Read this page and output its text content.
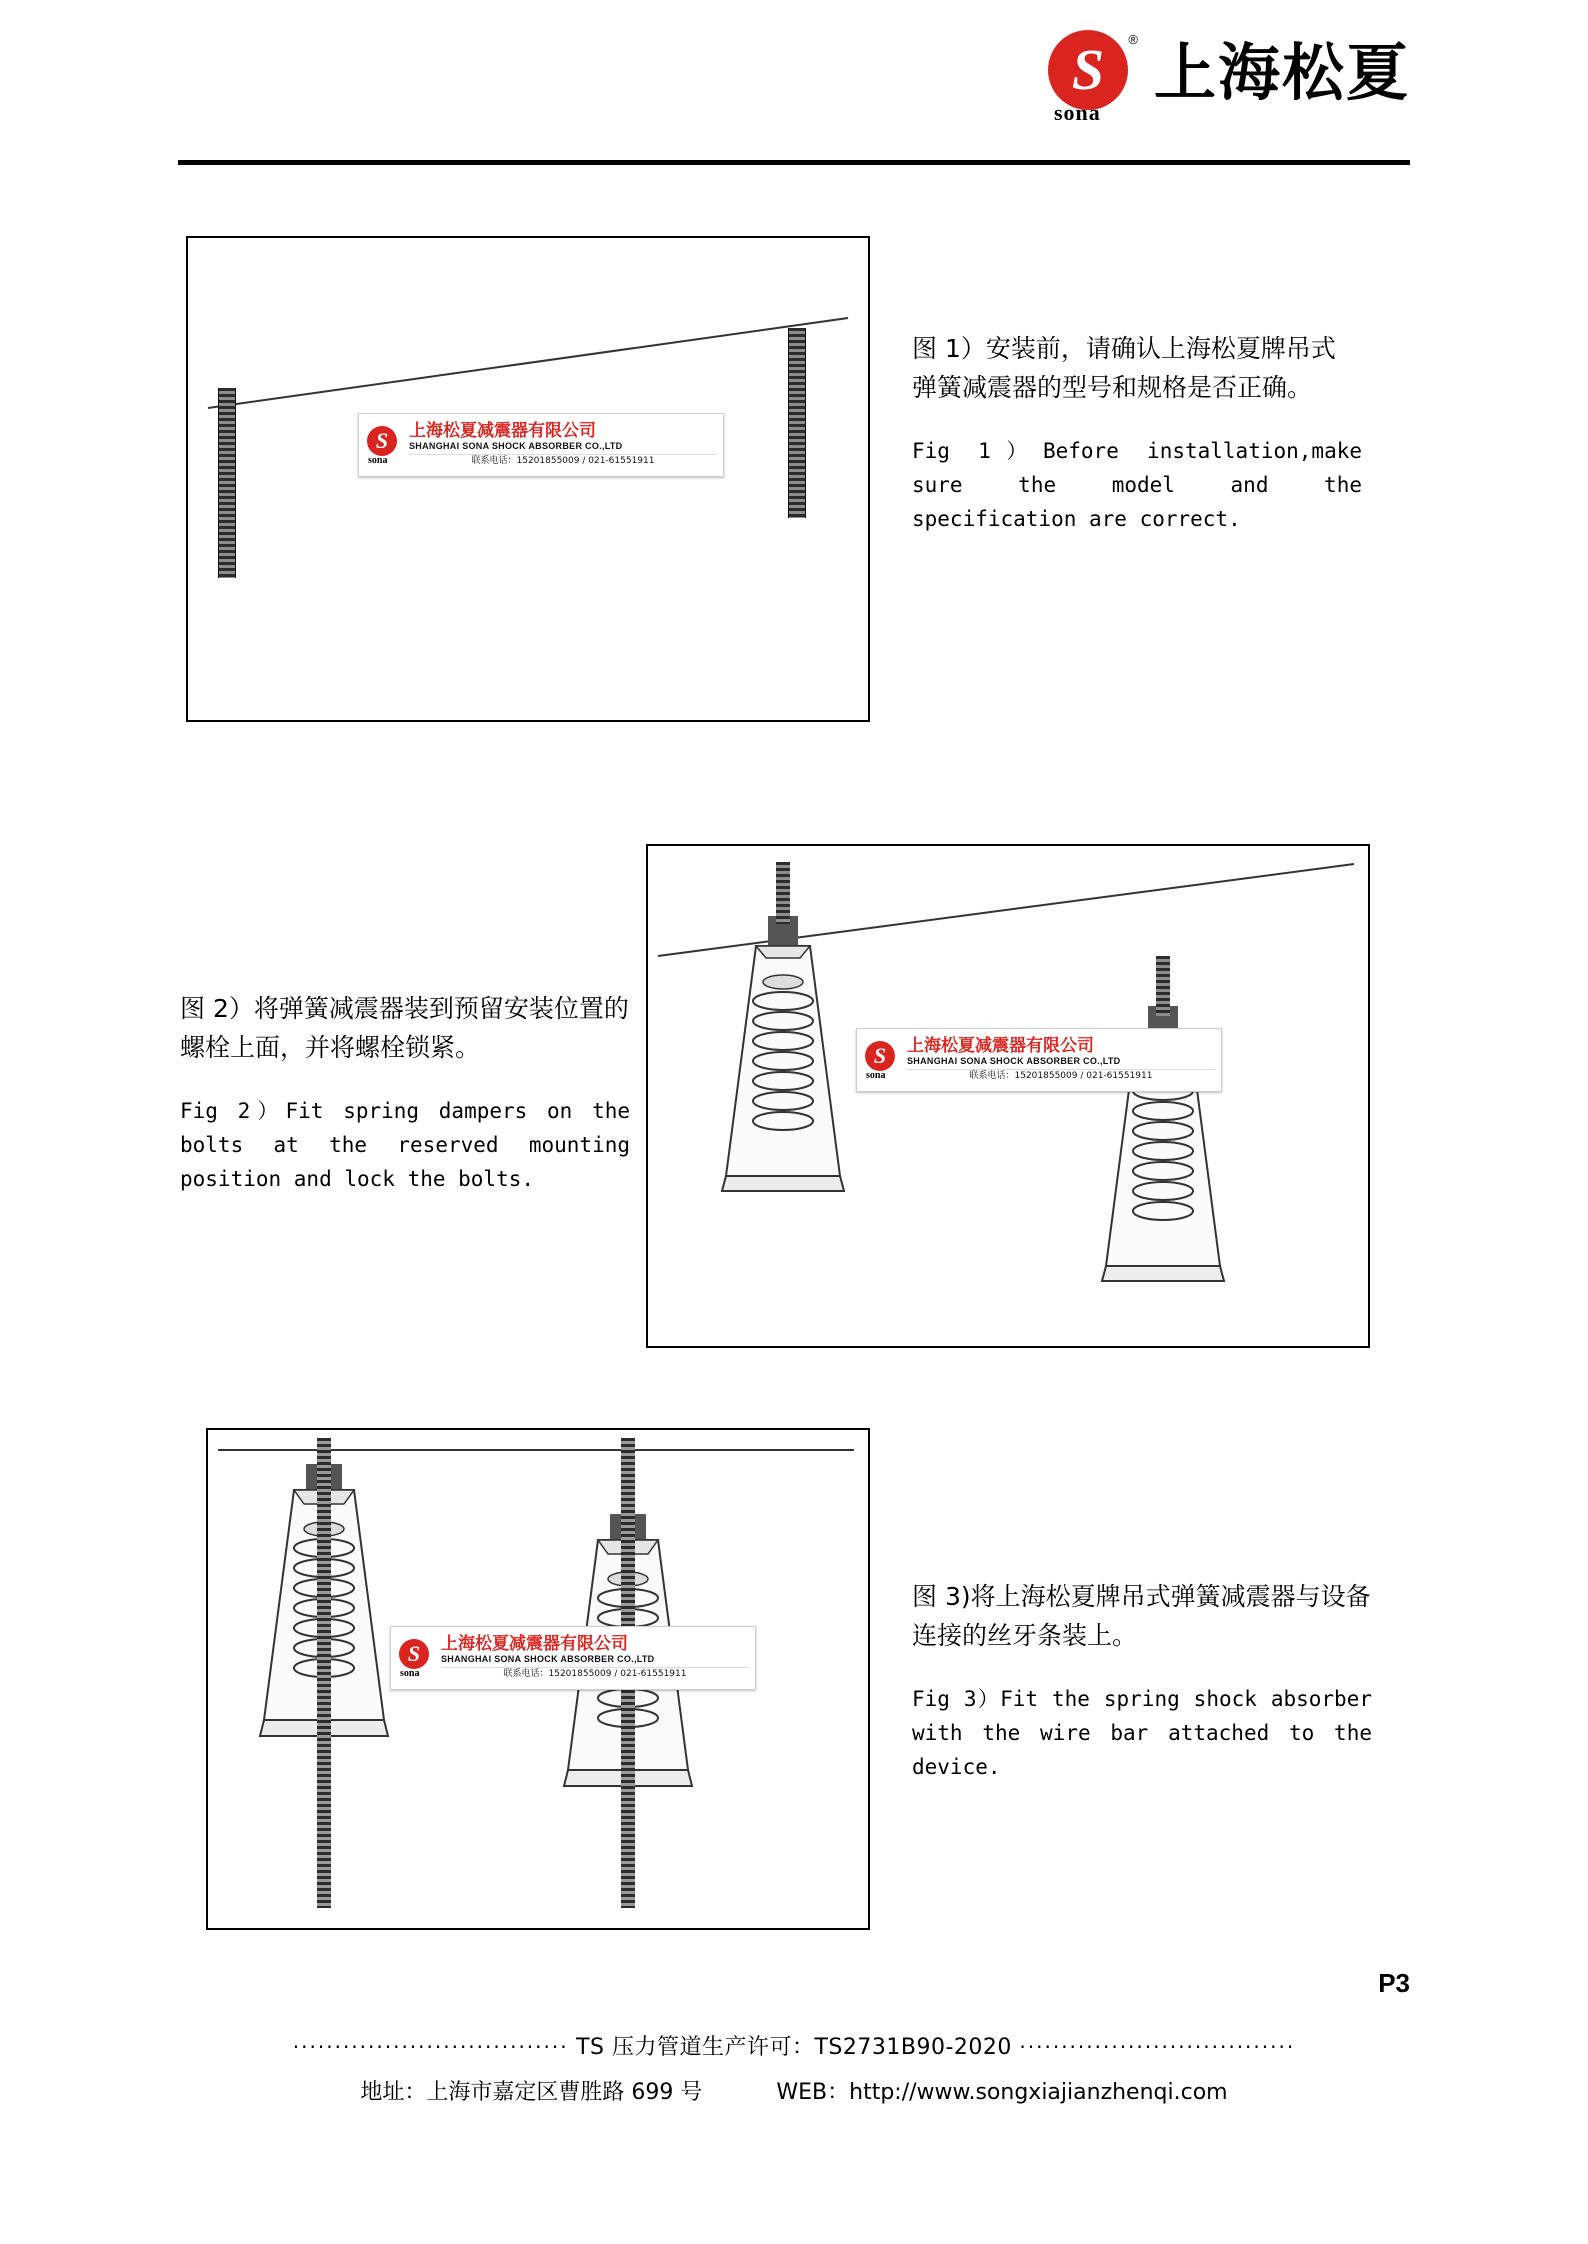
S	®
sona
上海松夏
S
sona
上海松夏减震器有限公司
SHANGHAI SONA SHOCK ABSORBER CO.,LTD
联系电话：15201855009 / 021-61551911
图 1）安装前，请确认上海松夏牌吊式 弹簧减震器的型号和规格是否正确。
Fig 1）Before installation,make sure the model and the specification are correct.
S
sona
上海松夏减震器有限公司
SHANGHAI SONA SHOCK ABSORBER CO.,LTD
联系电话：15201855009 / 021-61551911
图 2）将弹簧减震器装到预留安装位置的螺栓上面，并将螺栓锁紧。
Fig 2）Fit spring dampers on the bolts at the reserved mounting position and lock the bolts.
S
sona
上海松夏减震器有限公司
SHANGHAI SONA SHOCK ABSORBER CO.,LTD
联系电话：15201855009 / 021-61551911
图 3)将上海松夏牌吊式弹簧减震器与设备连接的丝牙条装上。
Fig 3）Fit the spring shock absorber with the wire bar attached to the device.
P3
································· TS 压力管道生产许可：TS2731B90-2020 ·································
地址：上海市嘉定区曹胜路 699 号	WEB：http://www.songxiajianzhenqi.com
